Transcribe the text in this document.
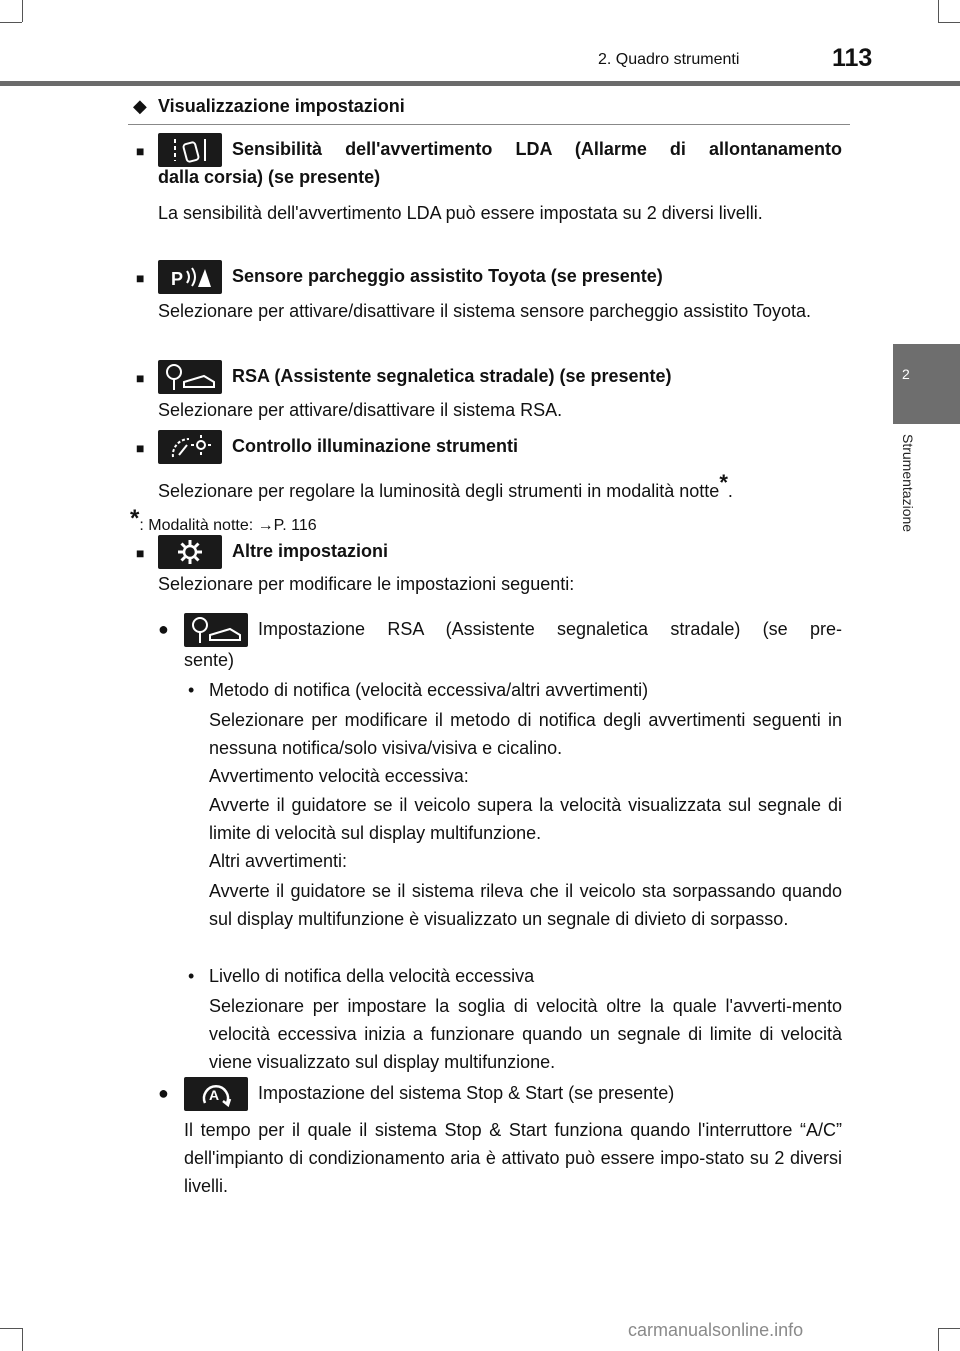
2. Quadro strumenti	113
2
Strumentazione
◆ Visualizzazione impostazioni
■	Sensibilità dell'avvertimento LDA (Allarme di allontanamento
dalla corsia) (se presente)
La sensibilità dell'avvertimento LDA può essere impostata su 2 diversi livelli.
■ P	Sensore parcheggio assistito Toyota (se presente)
Selezionare per attivare/disattivare il sistema sensore parcheggio assistito Toyota.
■	RSA (Assistente segnaletica stradale) (se presente)
Selezionare per attivare/disattivare il sistema RSA.
■	Controllo illuminazione strumenti
Selezionare per regolare la luminosità degli strumenti in modalità notte*.
*: Modalità notte: →P. 116
■	Altre impostazioni
Selezionare per modificare le impostazioni seguenti:
●	Impostazione RSA (Assistente segnaletica stradale) (se pre-
sente)
• Metodo di notifica (velocità eccessiva/altri avvertimenti)
Selezionare per modificare il metodo di notifica degli avvertimenti seguenti in nessuna notifica/solo visiva/visiva e cicalino.
Avvertimento velocità eccessiva:
Avverte il guidatore se il veicolo supera la velocità visualizzata sul segnale di limite di velocità sul display multifunzione.
Altri avvertimenti:
Avverte il guidatore se il sistema rileva che il veicolo sta sorpassando quando sul display multifunzione è visualizzato un segnale di divieto di sorpasso.
• Livello di notifica della velocità eccessiva
Selezionare per impostare la soglia di velocità oltre la quale l'avverti-mento velocità eccessiva inizia a funzionare quando un segnale di limite di velocità viene visualizzato sul display multifunzione.
●	A Impostazione del sistema Stop & Start (se presente)
Il tempo per il quale il sistema Stop & Start funziona quando l'interruttore “A/C” dell'impianto di condizionamento aria è attivato può essere impo-stato su 2 diversi livelli.
carmanualsonline.info
